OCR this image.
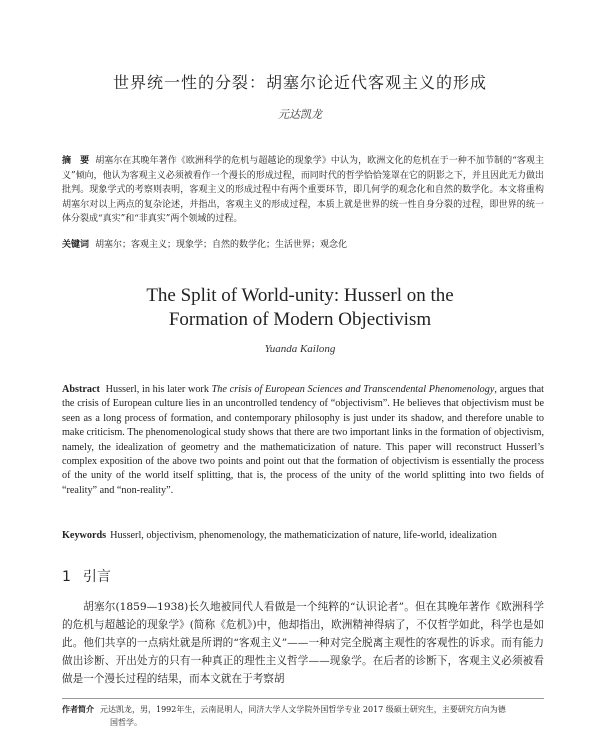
世界统一性的分裂：胡塞尔论近代客观主义的形成
元达凯龙
摘　要 胡塞尔在其晚年著作《欧洲科学的危机与超越论的现象学》中认为，欧洲文化的危机在于一种不加节制的“客观主义”倾向，他认为客观主义必须被看作一个漫长的形成过程，而同时代的哲学恰恰笼罩在它的阴影之下，并且因此无力做出批判。现象学式的考察则表明，客观主义的形成过程中有两个重要环节，即几何学的观念化和自然的数学化。本文将重构胡塞尔对以上两点的复杂论述，并指出，客观主义的形成过程，本质上就是世界的统一性自身分裂的过程，即世界的统一体分裂成“真实”和“非真实”两个领域的过程。
关键词 胡塞尔；客观主义；现象学；自然的数学化；生活世界；观念化
The Split of World-unity: Husserl on the
Formation of Modern Objectivism
Yuanda Kailong
Abstract Husserl, in his later work The crisis of European Sciences and Transcendental Phenomenology, argues that the crisis of European culture lies in an uncontrolled tendency of “objectivism”. He believes that objectivism must be seen as a long process of formation, and contemporary philosophy is just under its shadow, and therefore unable to make criticism. The phenomenological study shows that there are two important links in the formation of objectivism, namely, the idealization of geometry and the mathematicization of nature. This paper will reconstruct Husserl’s complex exposition of the above two points and point out that the formation of objectivism is essentially the process of the unity of the world itself splitting, that is, the process of the unity of the world splitting into two fields of “reality” and “non-reality”.
Keywords Husserl, objectivism, phenomenology, the mathematicization of nature, life-world, idealization
1 引言
胡塞尔(1859—1938)长久地被同代人看做是一个纯粹的“认识论者”。但在其晚年著作《欧洲科学的危机与超越论的现象学》(简称《危机》)中，他却指出，欧洲精神得病了，不仅哲学如此，科学也是如此。他们共享的一点病灶就是所谓的“客观主义”——一种对完全脱离主观性的客观性的诉求。而有能力做出诊断、开出处方的只有一种真正的理性主义哲学——现象学。在后者的诊断下，客观主义必须被看做是一个漫长过程的结果，而本文就在于考察胡
作者简介 元达凯龙，男，1992年生，云南昆明人，同济大学人文学院外国哲学专业 2017 级硕士研究生，主要研究方向为德
国哲学。
